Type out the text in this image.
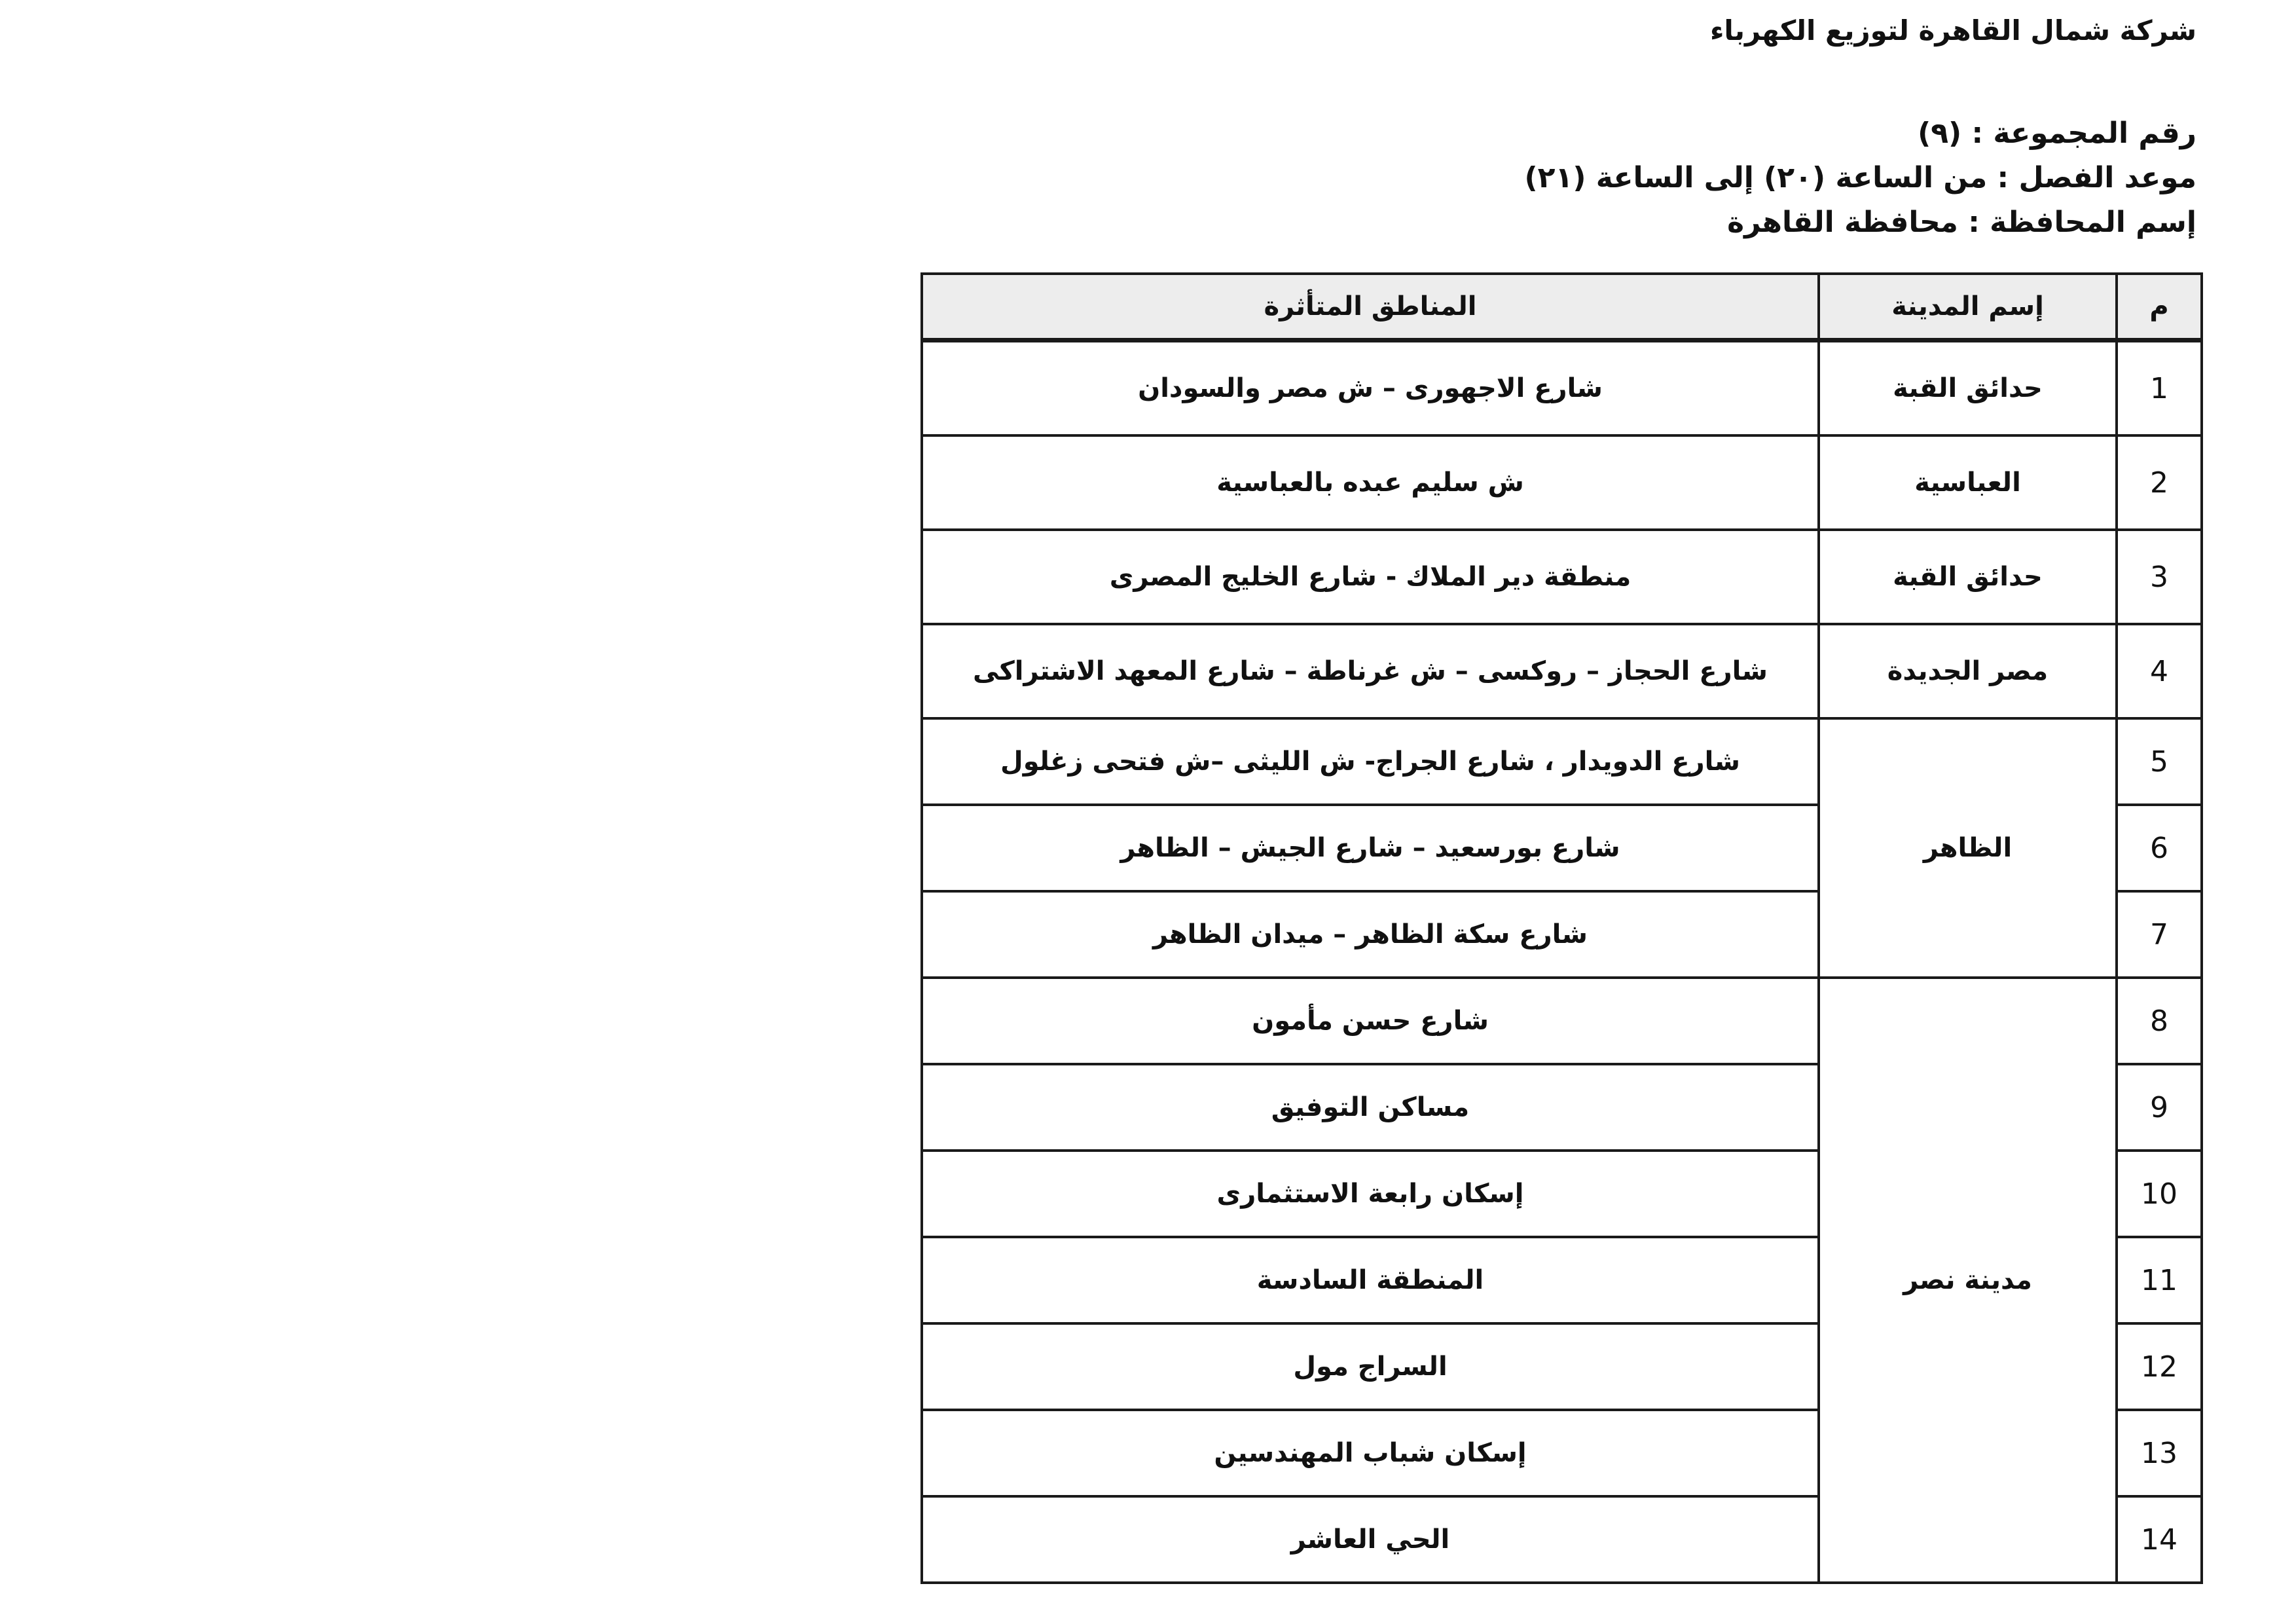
شركة شمال القاهرة لتوزيع الكهرباء
رقم المجموعة : (٩)
موعد الفصل : من الساعة (٢٠) إلى الساعة (٢١)
إسم المحافظة : محافظة القاهرة
م	إسم المدينة	المناطق المتأثرة
1	حدائق القبة	شارع الاجهورى – ش مصر والسودان
2	العباسية	ش سليم عبده بالعباسية
3	حدائق القبة	منطقة دير الملاك - شارع الخليج المصرى
4	مصر الجديدة	شارع الحجاز – روكسى – ش غرناطة – شارع المعهد الاشتراكى
5	الظاهر	شارع الدويدار ، شارع الجراج- ش الليثى –ش فتحى زغلول
6		شارع بورسعيد – شارع الجيش – الظاهر
7		شارع سكة الظاهر – ميدان الظاهر
8	مدينة نصر	شارع حسن مأمون
9		مساكن التوفيق
10		إسكان رابعة الاستثمارى
11		المنطقة السادسة
12		السراج مول
13		إسكان شباب المهندسين
14		الحي العاشر
